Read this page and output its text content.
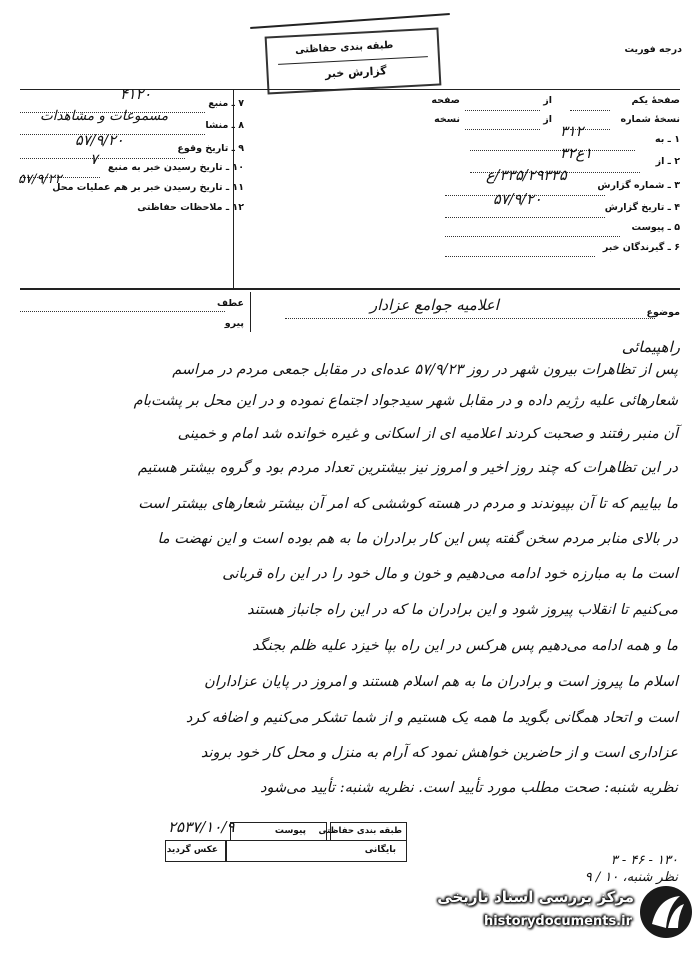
درجه فوریت
طبقه بندی حفاظتی
گزارش خبر
صفحهٔ یکم
از
صفحه
نسخهٔ شماره
از
نسخه
۱ ـ به
۳۱۲
۲ ـ از
۱ع۳۲
۳ ـ شماره گزارش
۳۳۵/۲۹۳۳۵/ع
۴ ـ تاریخ گزارش
۵۷/۹/۲۰
۵ ـ پیوست
۶ ـ گیرندگان خبر
۷ ـ منبع
۴۱۲۰
۸ ـ منشا
مسموعات و مشاهدات
۹ ـ تاریخ وقوع
۵۷/۹/۲۰
۱۰ ـ تاریخ رسیدن خبر به منبع
۷
۱۱ ـ تاریخ رسیدن خبر بر هم عملیات محل
۵۷/۹/۲۲
۱۲ ـ ملاحظات حفاظتی
موضوع
اعلامیه جوامع عزادار
عطف
پیرو
راهپیمائی
پس از تظاهرات بیرون شهر در روز ۵۷/۹/۲۳ عده‌ای در مقابل جمعی مردم در مراسم
شعارهائی علیه رژیم داده و در مقابل شهر سیدجواد اجتماع نموده و در این محل بر پشت‌بام
آن منبر رفتند و صحبت کردند اعلامیه ای از اسکانی و غیره خوانده شد امام و خمینی
در این تظاهرات که چند روز اخیر و امروز نیز بیشترین تعداد مردم بود و گروه بیشتر هستیم
ما بیاییم که تا آن بپیوندند و مردم در هسته کوششی که امر آن بیشتر شعارهای بیشتر است
در بالای منابر مردم سخن گفته پس این کار برادران ما به هم بوده است و این نهضت ما
است ما به مبارزه خود ادامه می‌دهیم و خون و مال خود را در این راه قربانی
می‌کنیم تا انقلاب پیروز شود و این برادران ما که در این راه جانباز هستند
ما و همه ادامه می‌دهیم پس هرکس در این راه بپا خیزد علیه ظلم بجنگد
اسلام ما پیروز است و برادران ما به هم اسلام هستند و امروز در پایان عزاداران
است و اتحاد همگانی بگوید ما همه یک هستیم و از شما تشکر می‌کنیم و اضافه کرد
عزاداری است و از حاضرین خواهش نمود که آرام به منزل و محل کار خود بروند
نظریه شنبه: صحت مطلب مورد تأیید است. نظریه شنبه: تأیید می‌شود
۲۵۳۷/۱۰/۹
بایگانی
طبقه بندی حفاظتی
پیوست
عکس گردید
۱۳۰ - ۴۶ - ۳
نظر شنبه، ۱۰ / ۹
مرکز بررسی اسناد تاریخی
historydocuments.ir
